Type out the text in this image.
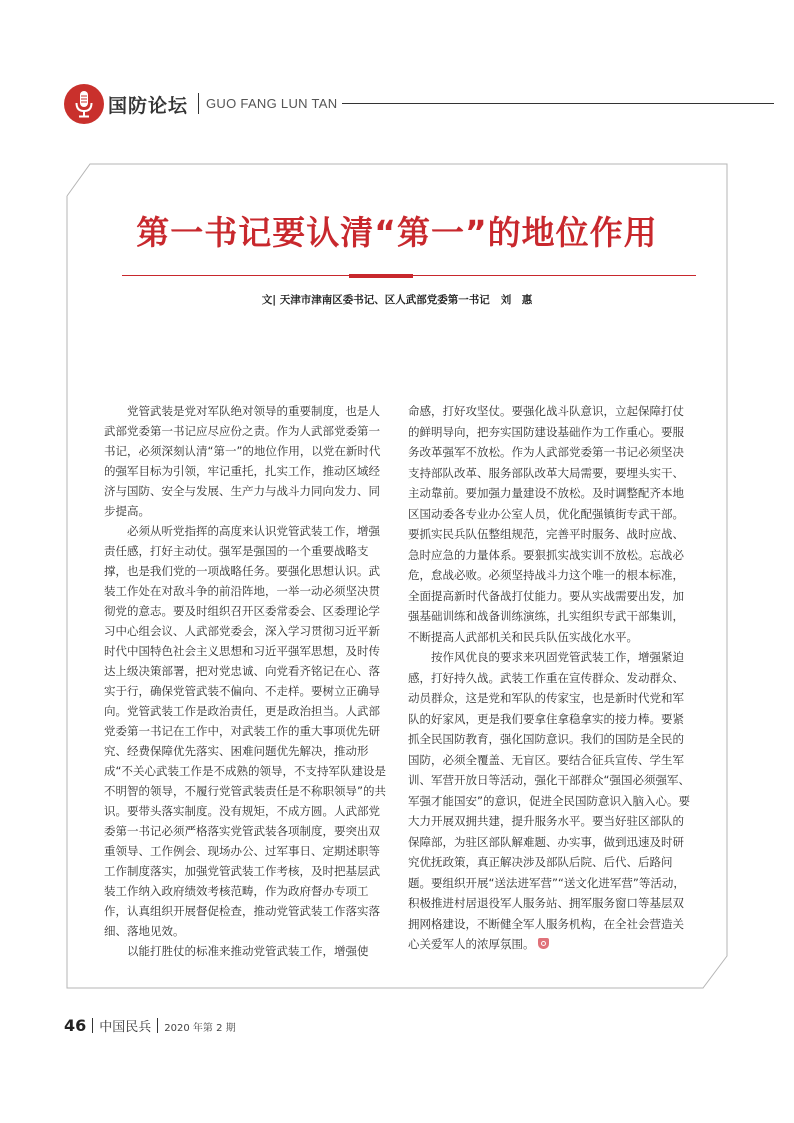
国防论坛 GUO FANG LUN TAN
第一书记要认清“第一”的地位作用
文| 天津市津南区委书记、区人武部党委第一书记 刘　惠

党管武装是党对军队绝对领导的重要制度，也是人武部党委第一书记应尽应份之责。作为人武部党委第一书记，必须深刻认清“第一”的地位作用，以党在新时代的强军目标为引领，牢记重托，扎实工作，推动区域经济与国防、安全与发展、生产力与战斗力同向发力、同步提高。

必须从听党指挥的高度来认识党管武装工作，增强责任感，打好主动仗。强军是强国的一个重要战略支撑，也是我们党的一项战略任务。要强化思想认识。武装工作处在对敌斗争的前沿阵地，一举一动必须坚决贯彻党的意志。要及时组织召开区委常委会、区委理论学习中心组会议、人武部党委会，深入学习贯彻习近平新时代中国特色社会主义思想和习近平强军思想，及时传达上级决策部署，把对党忠诚、向党看齐铭记在心、落实于行，确保党管武装不偏向、不走样。要树立正确导向。党管武装工作是政治责任，更是政治担当。人武部党委第一书记在工作中，对武装工作的重大事项优先研究、经费保障优先落实、困难问题优先解决，推动形成“不关心武装工作是不成熟的领导，不支持军队建设是不明智的领导，不履行党管武装责任是不称职领导”的共识。要带头落实制度。没有规矩，不成方圆。人武部党委第一书记必须严格落实党管武装各项制度，要突出双重领导、工作例会、现场办公、过军事日、定期述职等工作制度落实，加强党管武装工作考核，及时把基层武装工作纳入政府绩效考核范畴，作为政府督办专项工作，认真组织开展督促检查，推动党管武装工作落实落细、落地见效。

以能打胜仗的标准来推动党管武装工作，增强使

命感，打好攻坚仗。要强化战斗队意识，立起保障打仗的鲜明导向，把夯实国防建设基础作为工作重心。要服务改革强军不放松。作为人武部党委第一书记必须坚决支持部队改革、服务部队改革大局需要，要埋头实干、主动靠前。要加强力量建设不放松。及时调整配齐本地区国动委各专业办公室人员，优化配强镇街专武干部。要抓实民兵队伍整组规范，完善平时服务、战时应战、急时应急的力量体系。要狠抓实战实训不放松。忘战必危，怠战必败。必须坚持战斗力这个唯一的根本标准，全面提高新时代备战打仗能力。要从实战需要出发，加强基础训练和战备训练演练，扎实组织专武干部集训，不断提高人武部机关和民兵队伍实战化水平。

按作风优良的要求来巩固党管武装工作，增强紧迫感，打好持久战。武装工作重在宣传群众、发动群众、动员群众，这是党和军队的传家宝，也是新时代党和军队的好家风，更是我们要拿住拿稳拿实的接力棒。要紧抓全民国防教育，强化国防意识。我们的国防是全民的国防，必须全覆盖、无盲区。要结合征兵宣传、学生军训、军营开放日等活动，强化干部群众“强国必须强军、军强才能国安”的意识，促进全民国防意识入脑入心。要大力开展双拥共建，提升服务水平。要当好驻区部队的保障部，为驻区部队解难题、办实事，做到迅速及时研究优抚政策，真正解决涉及部队后院、后代、后路问题。要组织开展“送法进军营”“送文化进军营”等活动，积极推进村居退役军人服务站、拥军服务窗口等基层双拥网格建设，不断健全军人服务机构，在全社会营造关心关爱军人的浓厚氛围。

46 中国民兵 2020 年第 2 期
